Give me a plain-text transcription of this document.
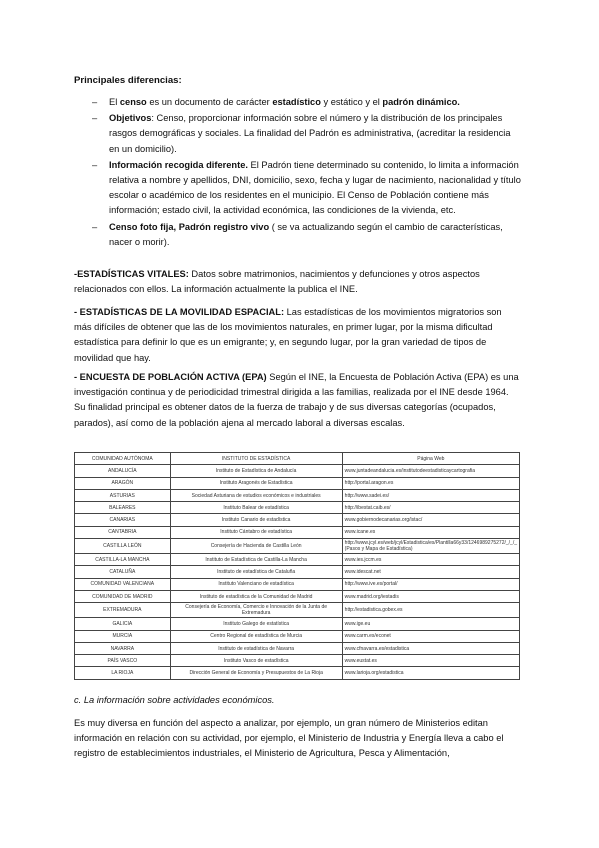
Principales diferencias:

– El censo es un documento de carácter estadístico y estático y el padrón dinámico.
– Objetivos: Censo, proporcionar información sobre el número y la distribución de los principales rasgos demográficas y sociales. La finalidad del Padrón es administrativa, (acreditar la residencia en un domicilio).
– Información recogida diferente. El Padrón tiene determinado su contenido, lo limita a información relativa a nombre y apellidos, DNI, domicilio, sexo, fecha y lugar de nacimiento, nacionalidad y título escolar o académico de los residentes en el municipio. El Censo de Población contiene más información; estado civil, la actividad económica, las condiciones de la vivienda, etc.
– Censo foto fija, Padrón registro vivo ( se va actualizando según el cambio de características, nacer o morir).

-ESTADÍSTICAS VITALES: Datos sobre matrimonios, nacimientos y defunciones y otros aspectos relacionados con ellos. La información actualmente la publica el INE.

- ESTADÍSTICAS DE LA MOVILIDAD ESPACIAL: Las estadísticas de los movimientos migratorios son más difíciles de obtener que las de los movimientos naturales, en primer lugar, por la misma dificultad estadística para definir lo que es un emigrante; y, en segundo lugar, por la gran variedad de tipos de movilidad que hay.

- ENCUESTA DE POBLACIÓN ACTIVA (EPA) Según el INE, la Encuesta de Población Activa (EPA) es una investigación continua y de periodicidad trimestral dirigida a las familias, realizada por el INE desde 1964. Su finalidad principal es obtener datos de la fuerza de trabajo y de sus diversas categorías (ocupados, parados), así como de la población ajena al mercado laboral a diversas escalas.

COMUNIDAD AUTÓNOMA	INSTITUTO DE ESTADÍSTICA	Página Web
ANDALUCÍA	Instituto de Estadística de Andalucía	www.juntadeandalucia.es/institutodeestadisticaycartografia
ARAGÓN	Instituto Aragonés de Estadística	http://portal.aragon.es
ASTURIAS	Sociedad Asturiana de estudios económicos e industriales	http://www.sadei.es/
BALEARES	Instituto Balear de estadística	http://ibestat.caib.es/
CANARIAS	Instituto Canario de estadística	www.gobiernodecanarias.org/istac/
CANTABRIA	Instituto Cántabro de estadística	www.icane.es
CASTILLA LEÓN	Consejería de Hacienda de Castilla León	http://www.jcyl.es/web/jcyl/Estadistica/es/Plantilla66y33/1246989275272/_/_/_ (Pasos y Mapa de Estadística)
CASTILLA-LA MANCHA	Instituto de Estadística de Castilla-La Mancha	www.ies.jccm.es
CATALUÑA	Instituto de estadística de Cataluña	www.idescat.net
COMUNIDAD VALENCIANA	Instituto Valenciano de estadística	http://www.ive.es/portal/
COMUNIDAD DE MADRID	Instituto de estadística de la Comunidad de Madrid	www.madrid.org/iestadis
EXTREMADURA	Consejería de Economía, Comercio e Innovación de la Junta de Extremadura	http://estadistica.gobex.es
GALICIA	Instituto Galego de estatística	www.ige.eu
MURCIA	Centro Regional de estadística de Murcia	www.carm.es/econet
NAVARRA	Instituto de estadística de Navarra	www.cfnavarra.es/estadistica
PAÍS VASCO	Instituto Vasco de estadística	www.eustat.es
LA RIOJA	Dirección General de Economía y Presupuestos de La Rioja	www.larioja.org/estadistica

c. La información sobre actividades económicos.

Es muy diversa en función del aspecto a analizar, por ejemplo, un gran número de Ministerios editan información en relación con su actividad, por ejemplo, el Ministerio de Industria y Energía lleva a cabo el registro de establecimientos industriales, el Ministerio de Agricultura, Pesca y Alimentación,
